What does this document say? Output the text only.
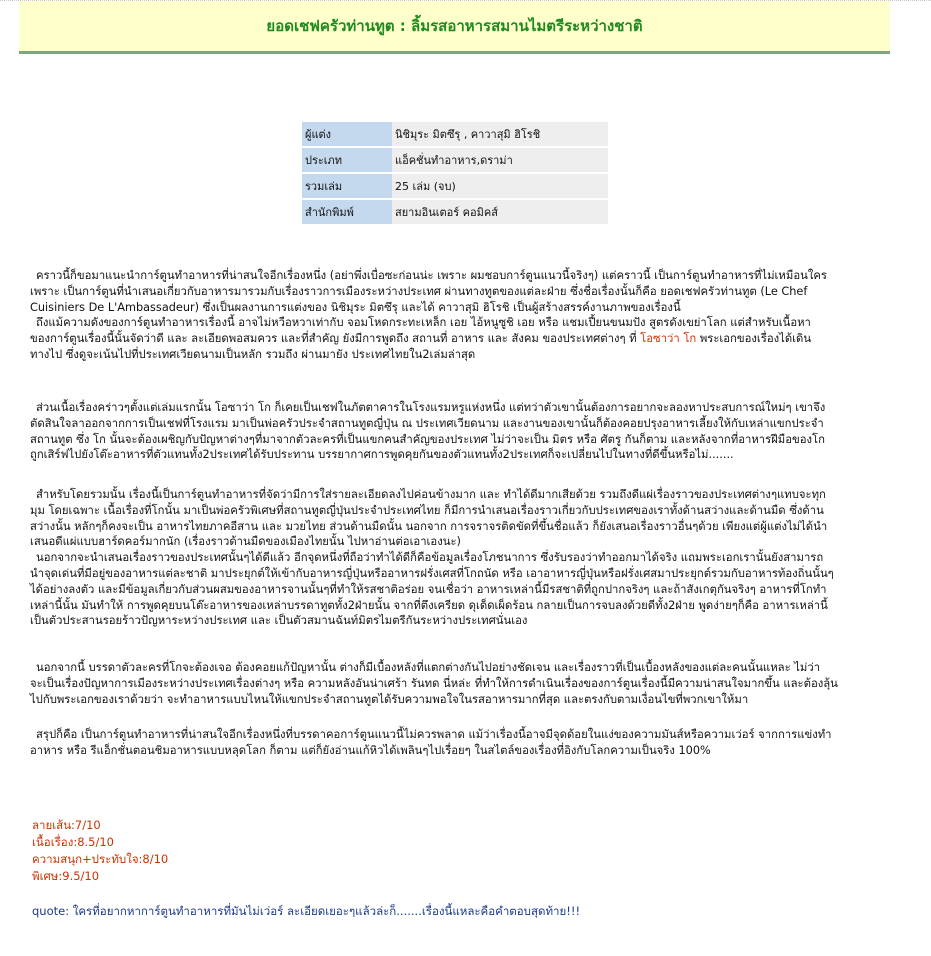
ยอดเชฟครัวท่านทูต : ลิ้มรสอาหารสมานไมตรีระหว่างชาติ
ผู้แต่ง	นิชิมุระ มิตซึรุ , คาวาสุมิ ฮิโรชิ
ประเภท	แอ็คชั่นทำอาหาร,ดราม่า
รวมเล่ม	25 เล่ม (จบ)
สำนักพิมพ์	สยามอินเตอร์ คอมิคส์

คราวนี้ก็ขอมาแนะนำการ์ตูนทำอาหารที่น่าสนใจอีกเรื่องหนึ่ง (อย่าพึ่งเบื่อซะก่อนน่ะ เพราะ ผมชอบการ์ตูนแนวนี้จริงๆ) แต่คราวนี้ เป็นการ์ตูนทำอาหารที่ไม่เหมือนใคร

เพราะ เป็นการ์ตูนที่นำเสนอเกี่ยวกับอาหารมารวมกับเรื่องราวการเมืองระหว่างประเทศ ผ่านทางทูตของแต่ละฝ่าย ซึ่งชื่อเรื่องนั้นก็คือ ยอดเชฟครัวท่านทูต (Le Chef

Cuisiniers De L'Ambassadeur) ซึ่งเป็นผลงานการแต่งของ นิชิมุระ มิตซึรุ และได้ คาวาสุมิ ฮิโรชิ เป็นผู้สร้างสรรค์งานภาพของเรื่องนี้

ถึงแม้ความดังของการ์ตูนทำอาหารเรื่องนี้ อาจไม่หวือหวาเท่ากับ จอมโหดกระทะเหล็ก เอย ไอ้หนูซูชิ เอย หรือ แชมเปี้ยนขนมปัง สูตรดังเขย่าโลก แต่สำหรับเนื้อหา

ของการ์ตูนเรื่องนี้นั้นจัดว่าดี และ ละเอียดพอสมควร และที่สำคัญ ยังมีการพูดถึง สถานที่ อาหาร และ สังคม ของประเทศต่างๆ ที่ โอซาว่า โก พระเอกของเรื่องได้เดิน

ทางไป ซึ่งดูจะเน้นไปที่ประเทศเวียดนามเป็นหลัก รวมถึง ผ่านมายัง ประเทศไทยใน2เล่มล่าสุด

ส่วนเนื้อเรื่องคร่าวๆตั้งแต่เล่มแรกนั้น โอซาว่า โก ก็เคยเป็นเชฟในภัตตาคารในโรงแรมหรูแห่งหนึ่ง แต่ทว่าตัวเขานั้นต้องการอยากจะลองหาประสบการณ์ใหม่ๆ เขาจึง

ตัดสินใจลาออกจากการเป็นเชฟที่โรงแรม มาเป็นพ่อครัวประจำสถานทูตญี่ปุ่น ณ ประเทศเวียดนาม และงานของเขานั้นก็ต้องคอยปรุงอาหารเลี้ยงให้กับเหล่าแขกประจำ

สถานทูต ซึ่ง โก นั้นจะต้องเผชิญกับปัญหาต่างๆที่มาจากตัวละครที่เป็นแขกคนสำคัญของประเทศ ไม่ว่าจะเป็น มิตร หรือ ศัตรู กันก็ตาม และหลังจากที่อาหารฝีมือของโก

ถูกเสิร์ฟไปยังโต๊ะอาหารที่ตัวแทนทั้ง2ประเทศได้รับประทาน บรรยากาศการพูดคุยกันของตัวแทนทั้ง2ประเทศก็จะเปลี่ยนไปในทางที่ดีขึ้นหรือไม่.......

สำหรับโดยรวมนั้น เรื่องนี้เป็นการ์ตูนทำอาหารที่จัดว่ามีการใส่รายละเอียดลงไปค่อนข้างมาก และ ทำได้ดีมากเสียด้วย รวมถึงดีแผ่เรื่องราวของประเทศต่างๆแทบจะทุก

มุม โดยเฉพาะ เนื้อเรื่องที่โกนั้น มาเป็นพ่อครัวพิเศษที่สถานทูตญี่ปุ่นประจำประเทศไทย ก็มีการนำเสนอเรื่องราวเกี่ยวกับประเทศของเราทั้งด้านสว่างและด้านมืด ซึ่งด้าน

สว่างนั้น หลักๆก็คงจะเป็น อาหารไทยภาคอีสาน และ มวยไทย ส่วนด้านมืดนั้น นอกจาก การจราจรติดขัดที่ขึ้นชื่อแล้ว ก็ยังเสนอเรื่องราวอื่นๆด้วย เพียงแต่ผู้แต่งไม่ได้นำ

เสนอดีแผ่แบบฮาร์ดคอร์มากนัก (เรื่องราวด้านมืดของเมืองไทยนั้น ไปหาอ่านต่อเอาเองนะ)

นอกจากจะนำเสนอเรื่องราวของประเทศนั้นๆได้ดีแล้ว อีกจุดหนึ่งที่ถือว่าทำได้ดีก็คือข้อมูลเรื่องโภชนาการ ซึ่งรับรองว่าทำออกมาได้จริง แถมพระเอกเรานั้นยังสามารถ

นำจุดเด่นที่มีอยู่ของอาหารแต่ละชาติ มาประยุกต์ให้เข้ากับอาหารญี่ปุ่นหรืออาหารฝรั่งเศสที่โกถนัด หรือ เอาอาหารญี่ปุ่นหรือฝรั่งเศสมาประยุกต์รวมกับอาหารท้องถิ่นนั้นๆ

ได้อย่างลงตัว และมีข้อมูลเกี่ยวกับส่วนผสมของอาหารจานนั้นๆที่ทำให้รสชาติอร่อย จนเชื่อว่า อาหารเหล่านี้มีรสชาติที่ถูกปากจริงๆ และถ้าสังเกตุกันจริงๆ อาหารที่โกทำ

เหล่านี้นั้น มันทำให้ การพูดคุยบนโต๊ะอาหารของเหล่าบรรดาทูตทั้ง2ฝ่ายนั้น จากที่ตึงเครียด ดุเด็ดเผ็ดร้อน กลายเป็นการจบลงด้วยดีทั้ง2ฝ่าย พูดง่ายๆก็คือ อาหารเหล่านี้

เป็นตัวประสานรอยร้าวปัญหาระหว่างประเทศ และ เป็นตัวสมานฉันท์มิตรไมตรีกันระหว่างประเทศนั่นเอง

นอกจากนี้ บรรดาตัวละครที่โกจะต้องเจอ ต้องคอยแก้ปัญหานั้น ต่างก็มีเบื้องหลังที่แตกต่างกันไปอย่างชัดเจน และเรื่องราวที่เป็นเบื้องหลังของแต่ละคนนั้นแหละ ไม่ว่า

จะเป็นเรื่องปัญหาการเมืองระหว่างประเทศเรื่องต่างๆ หรือ ความหลังอันน่าเศร้า รันทด นี่หล่ะ ที่ทำให้การดำเนินเรื่องของการ์ตูนเรื่องนี้มีความน่าสนใจมากขึ้น และต้องลุ้น

ไปกับพระเอกของเราด้วยว่า จะทำอาหารแบบไหนให้แขกประจำสถานทูตได้รับความพอใจในรสอาหารมากที่สุด และตรงกับตามเงื่อนไขที่พวกเขาให้มา

สรุปก็คือ เป็นการ์ตูนทำอาหารที่น่าสนใจอีกเรื่องหนึ่งที่บรรดาคอการ์ตูนแนวนี้ไม่ควรพลาด แม้ว่าเรื่องนี้อาจมีจุดด้อยในแง่ของความมันส์หรือความเว่อร์ จากการแข่งทำ

อาหาร หรือ รีแอ็กชั่นตอนชิมอาหารแบบหลุดโลก ก็ตาม แต่ก็ยังอ่านแก้หิวได้เพลินๆไปเรื่อยๆ ในสไตล์ของเรื่องที่อิงกับโลกความเป็นจริง 100%

ลายเส้น:7/10
เนื้อเรื่อง:8.5/10
ความสนุก+ประทับใจ:8/10
พิเศษ:9.5/10
quote: ใครที่อยากหาการ์ตูนทำอาหารที่มันไม่เว่อร์ ละเอียดเยอะๆแล้วล่ะก็.......เรื่องนี้แหละคือคำตอบสุดท้าย!!!
